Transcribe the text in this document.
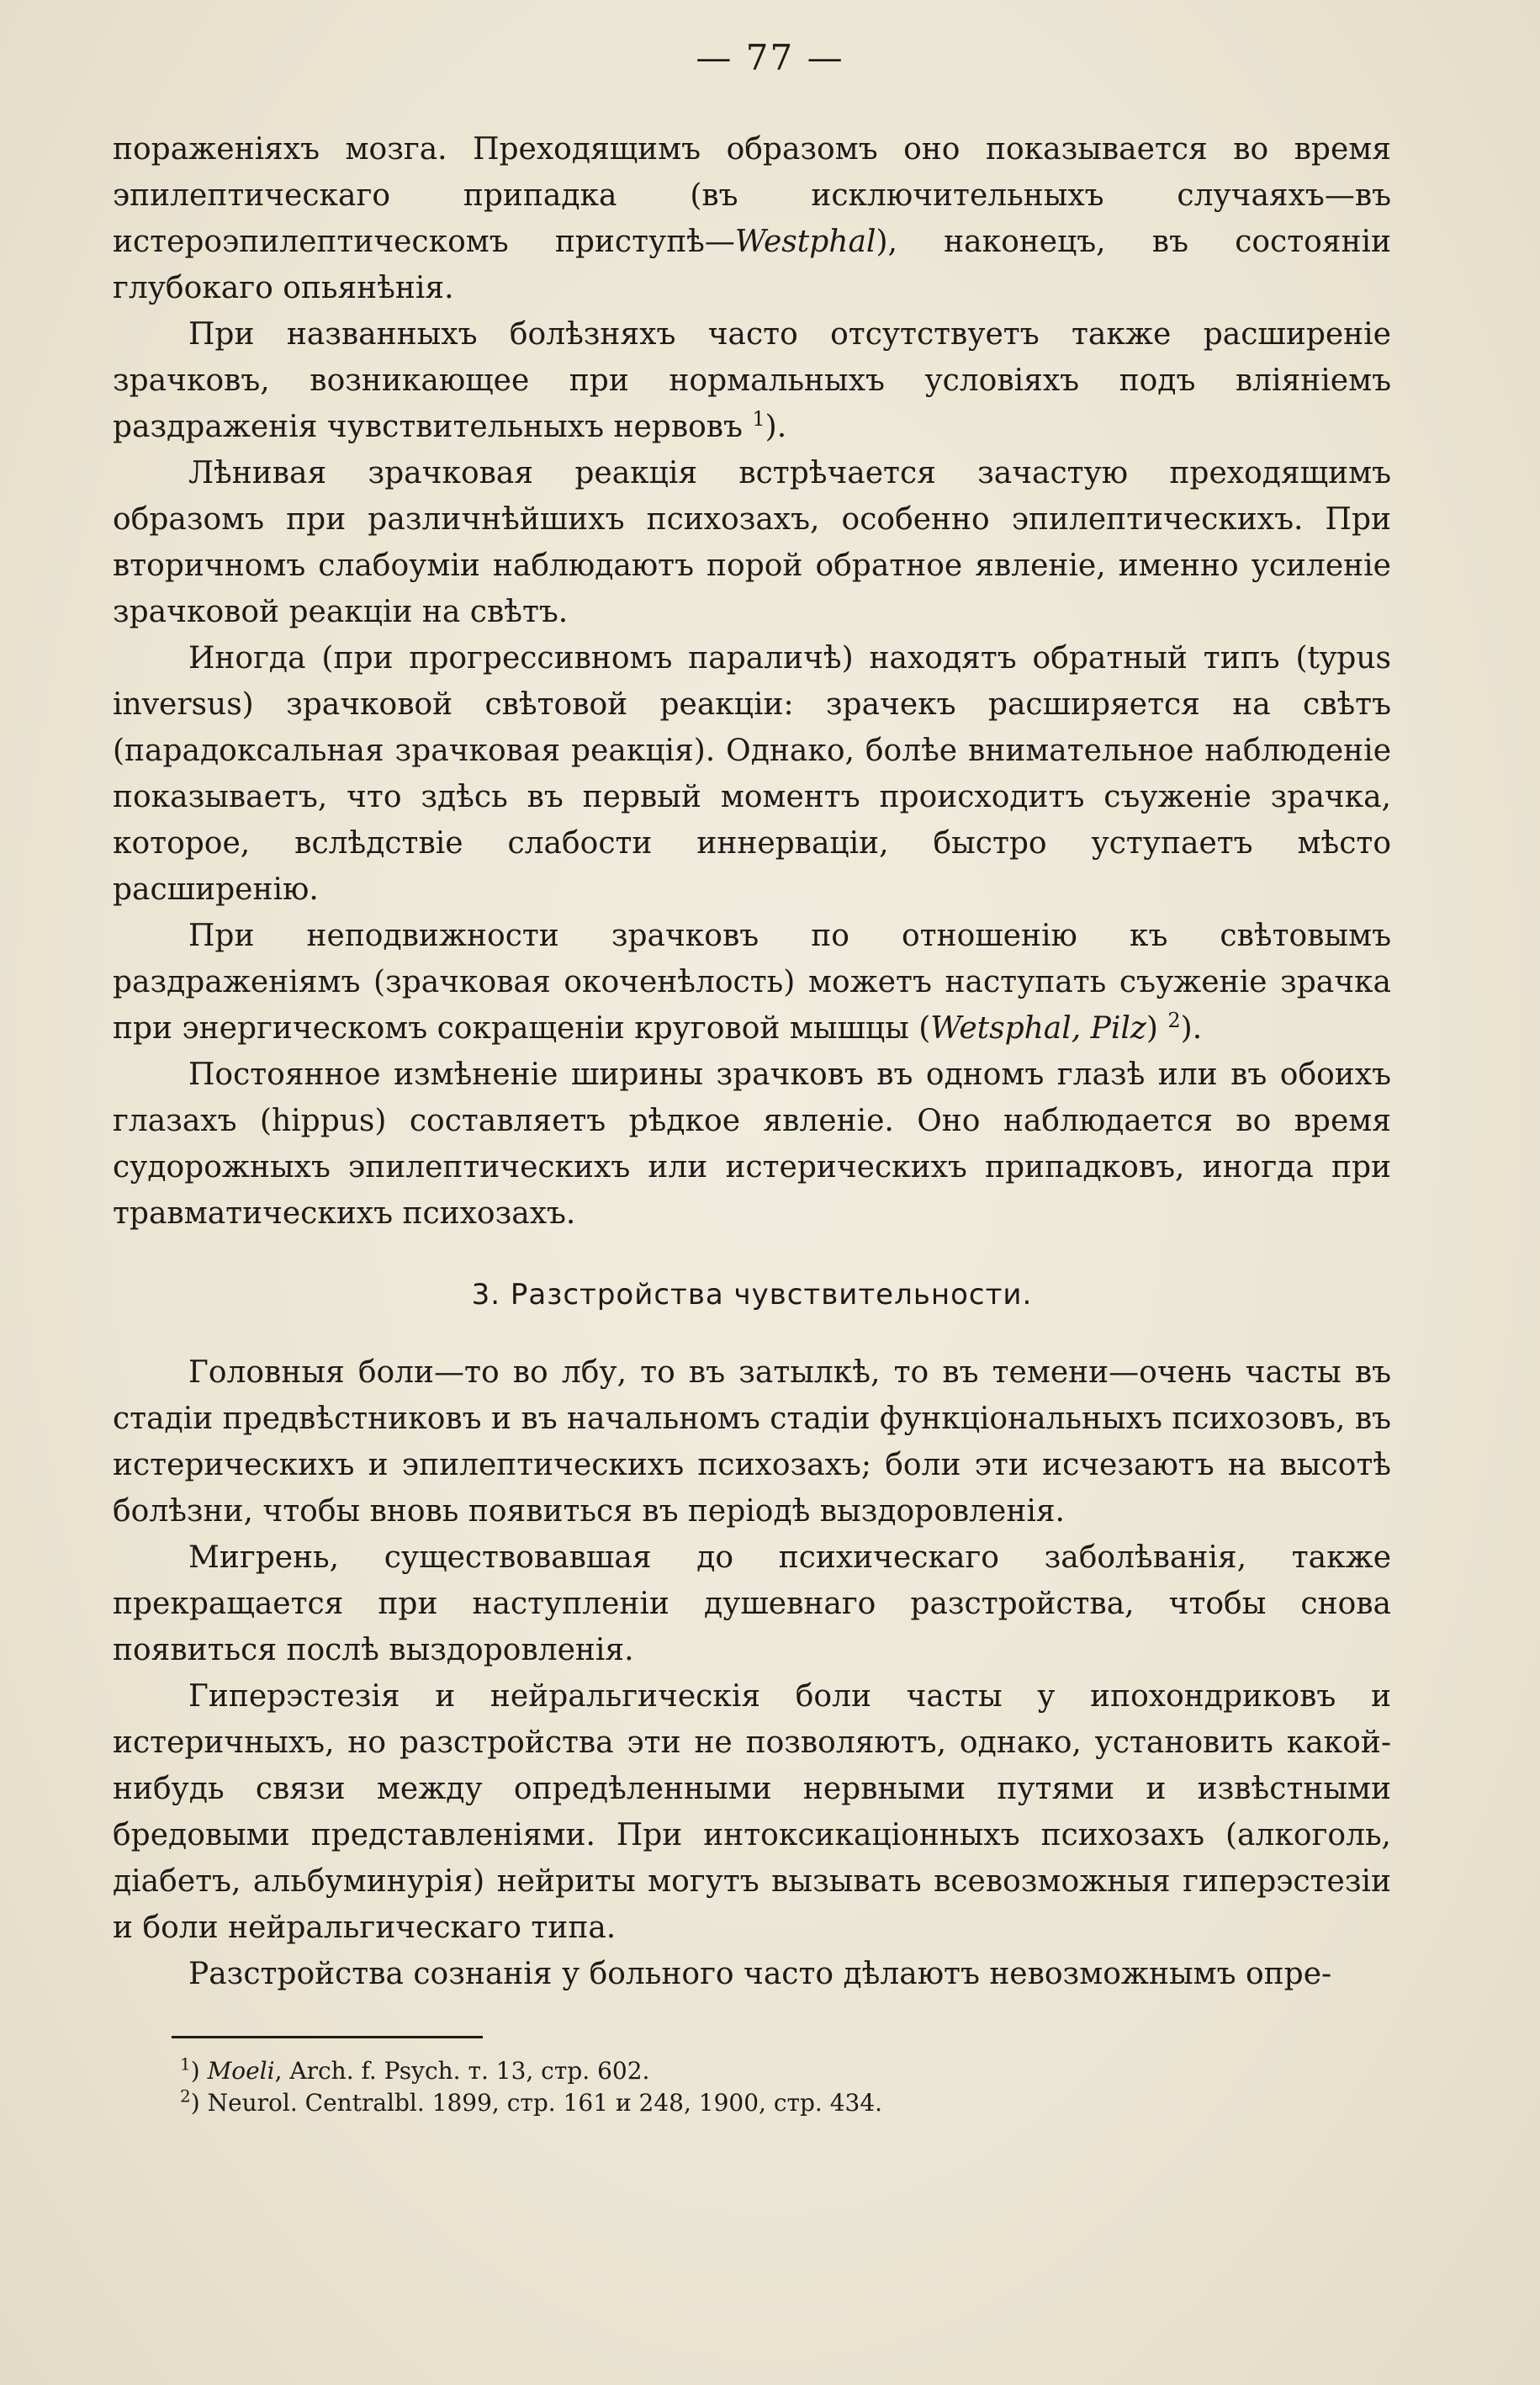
— 77 —

пораженіяхъ мозга. Преходящимъ образомъ оно показывается во время эпилептическаго припадка (въ исключительныхъ случаяхъ—въ истероэпилептическомъ приступѣ—Westphal), наконецъ, въ состояніи глубокаго опьянѣнія.

При названныхъ болѣзняхъ часто отсутствуетъ также расширеніе зрачковъ, возникающее при нормальныхъ условіяхъ подъ вліяніемъ раздраженія чувствительныхъ нервовъ $^1$).

Лѣнивая зрачковая реакція встрѣчается зачастую преходящимъ образомъ при различнѣйшихъ психозахъ, особенно эпилептическихъ. При вторичномъ слабоуміи наблюдаютъ порой обратное явленіе, именно усиленіе зрачковой реакціи на свѣтъ.

Иногда (при прогрессивномъ параличѣ) находятъ обратный типъ (typus inversus) зрачковой свѣтовой реакціи: зрачекъ расширяется на свѣтъ (парадоксальная зрачковая реакція). Однако, болѣе внимательное наблюденіе показываетъ, что здѣсь въ первый моментъ происходитъ съуженіе зрачка, которое, вслѣдствіе слабости иннерваціи, быстро уступаетъ мѣсто расширенію.

При неподвижности зрачковъ по отношенію къ свѣтовымъ раздраженіямъ (зрачковая окоченѣлость) можетъ наступать съуженіе зрачка при энергическомъ сокращеніи круговой мышцы (Wetsphal, Pilz) $^2$).

Постоянное измѣненіе ширины зрачковъ въ одномъ глазѣ или въ обоихъ глазахъ (hippus) составляетъ рѣдкое явленіе. Оно наблюдается во время судорожныхъ эпилептическихъ или истерическихъ припадковъ, иногда при травматическихъ психозахъ.

3. Разстройства чувствительности.

Головныя боли—то во лбу, то въ затылкѣ, то въ темени—очень часты въ стадіи предвѣстниковъ и въ начальномъ стадіи функціональныхъ психозовъ, въ истерическихъ и эпилептическихъ психозахъ; боли эти исчезаютъ на высотѣ болѣзни, чтобы вновь появиться въ періодѣ выздоровленія.

Мигрень, существовавшая до психическаго заболѣванія, также прекращается при наступленіи душевнаго разстройства, чтобы снова появиться послѣ выздоровленія.

Гиперэстезія и нейральгическія боли часты у ипохондриковъ и истеричныхъ, но разстройства эти не позволяютъ, однако, установить какой-нибудь связи между опредѣленными нервными путями и извѣстными бредовыми представленіями. При интоксикаціонныхъ психозахъ (алкоголь, діабетъ, альбуминурія) нейриты могутъ вызывать всевозможныя гиперэстезіи и боли нейральгическаго типа.

Разстройства сознанія у больного часто дѣлаютъ невозможнымъ опре-

$^1$) Moeli, Arch. f. Psych. т. 13, стр. 602.
$^2$) Neurol. Centralbl. 1899, стр. 161 и 248, 1900, стр. 434.
